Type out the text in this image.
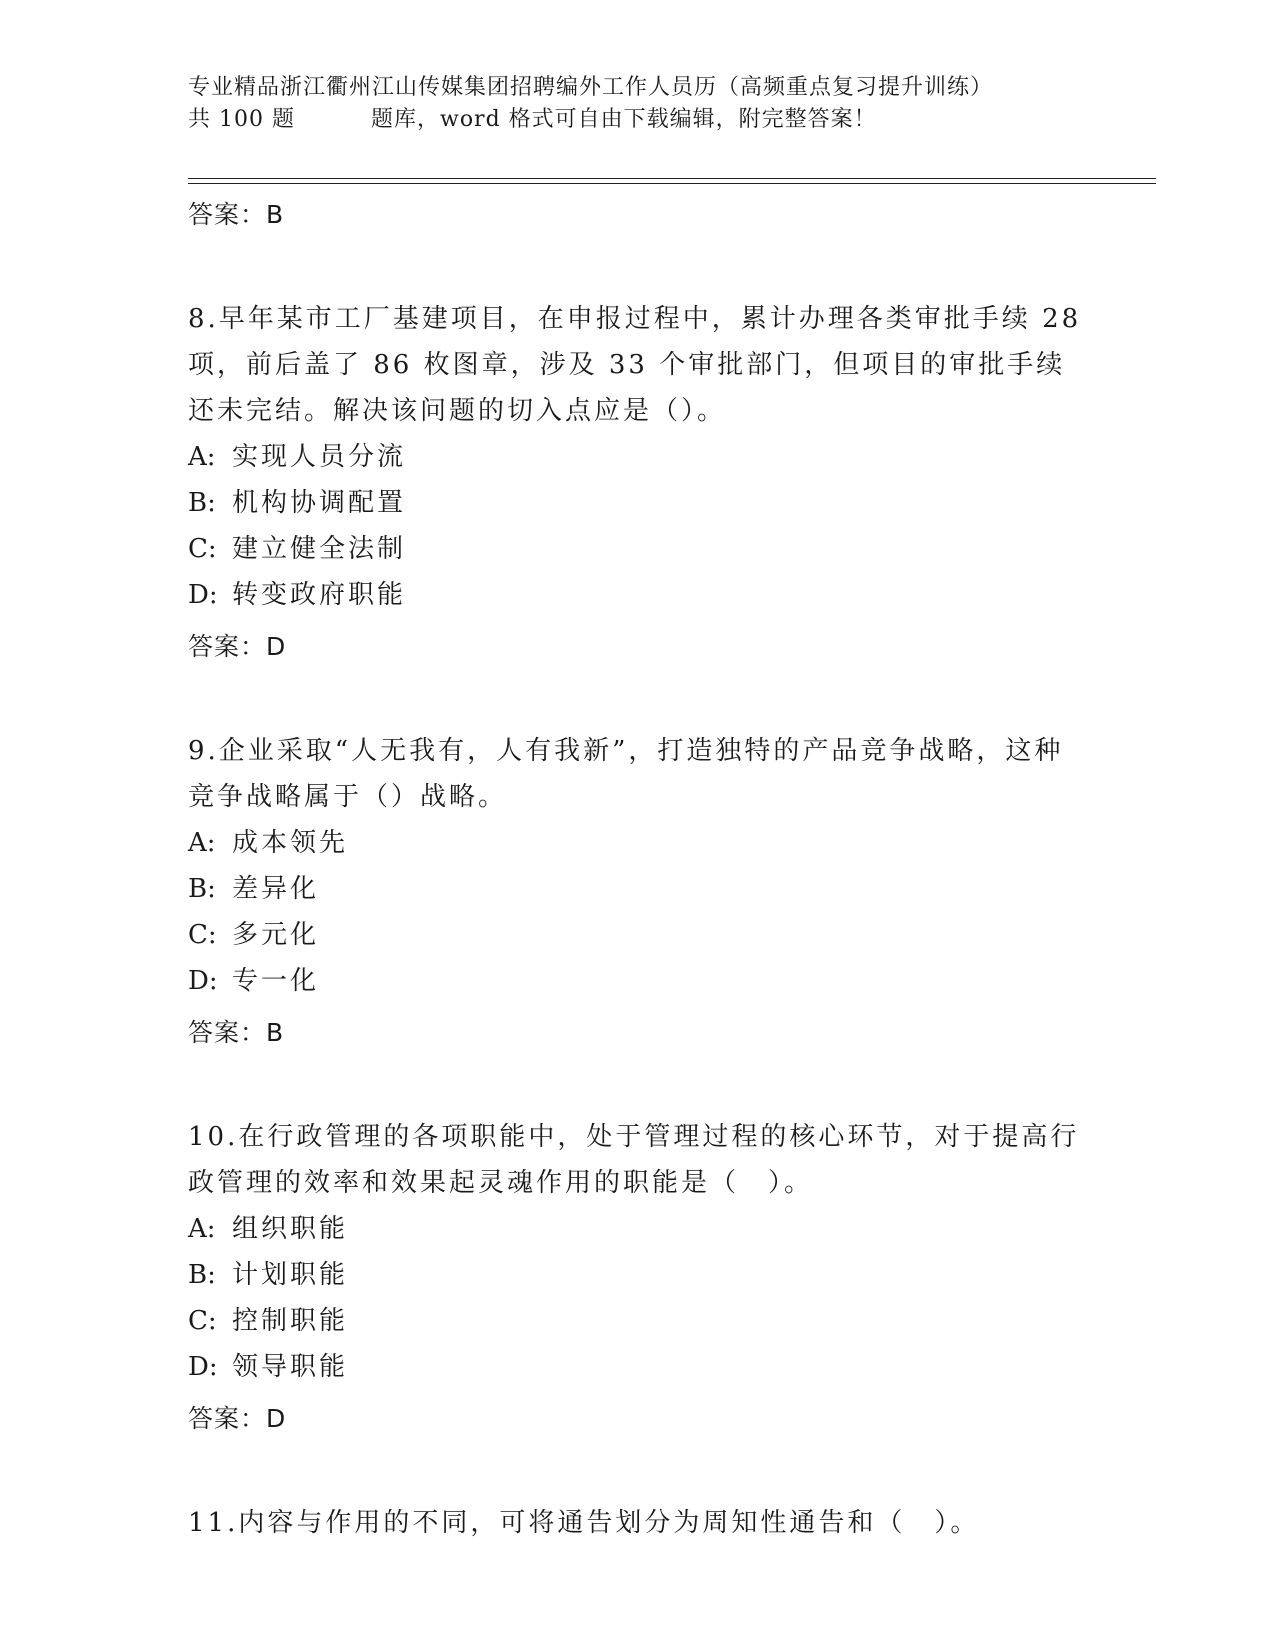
专业精品浙江衢州江山传媒集团招聘编外工作人员历（高频重点复习提升训练）
共 100 题	题库，word 格式可自由下载编辑，附完整答案！
答案：B
8.早年某市工厂基建项目，在申报过程中，累计办理各类审批手续 28 项，前后盖了 86 枚图章，涉及 33 个审批部门，但项目的审批手续还未完结。解决该问题的切入点应是（）。
A: 实现人员分流
B: 机构协调配置
C: 建立健全法制
D: 转变政府职能
答案：D
9.企业采取“人无我有，人有我新”，打造独特的产品竞争战略，这种竞争战略属于（）战略。
A: 成本领先
B: 差异化
C: 多元化
D: 专一化
答案：B
10.在行政管理的各项职能中，处于管理过程的核心环节，对于提高行政管理的效率和效果起灵魂作用的职能是（　）。
A: 组织职能
B: 计划职能
C: 控制职能
D: 领导职能
答案：D
11.内容与作用的不同，可将通告划分为周知性通告和（　）。
